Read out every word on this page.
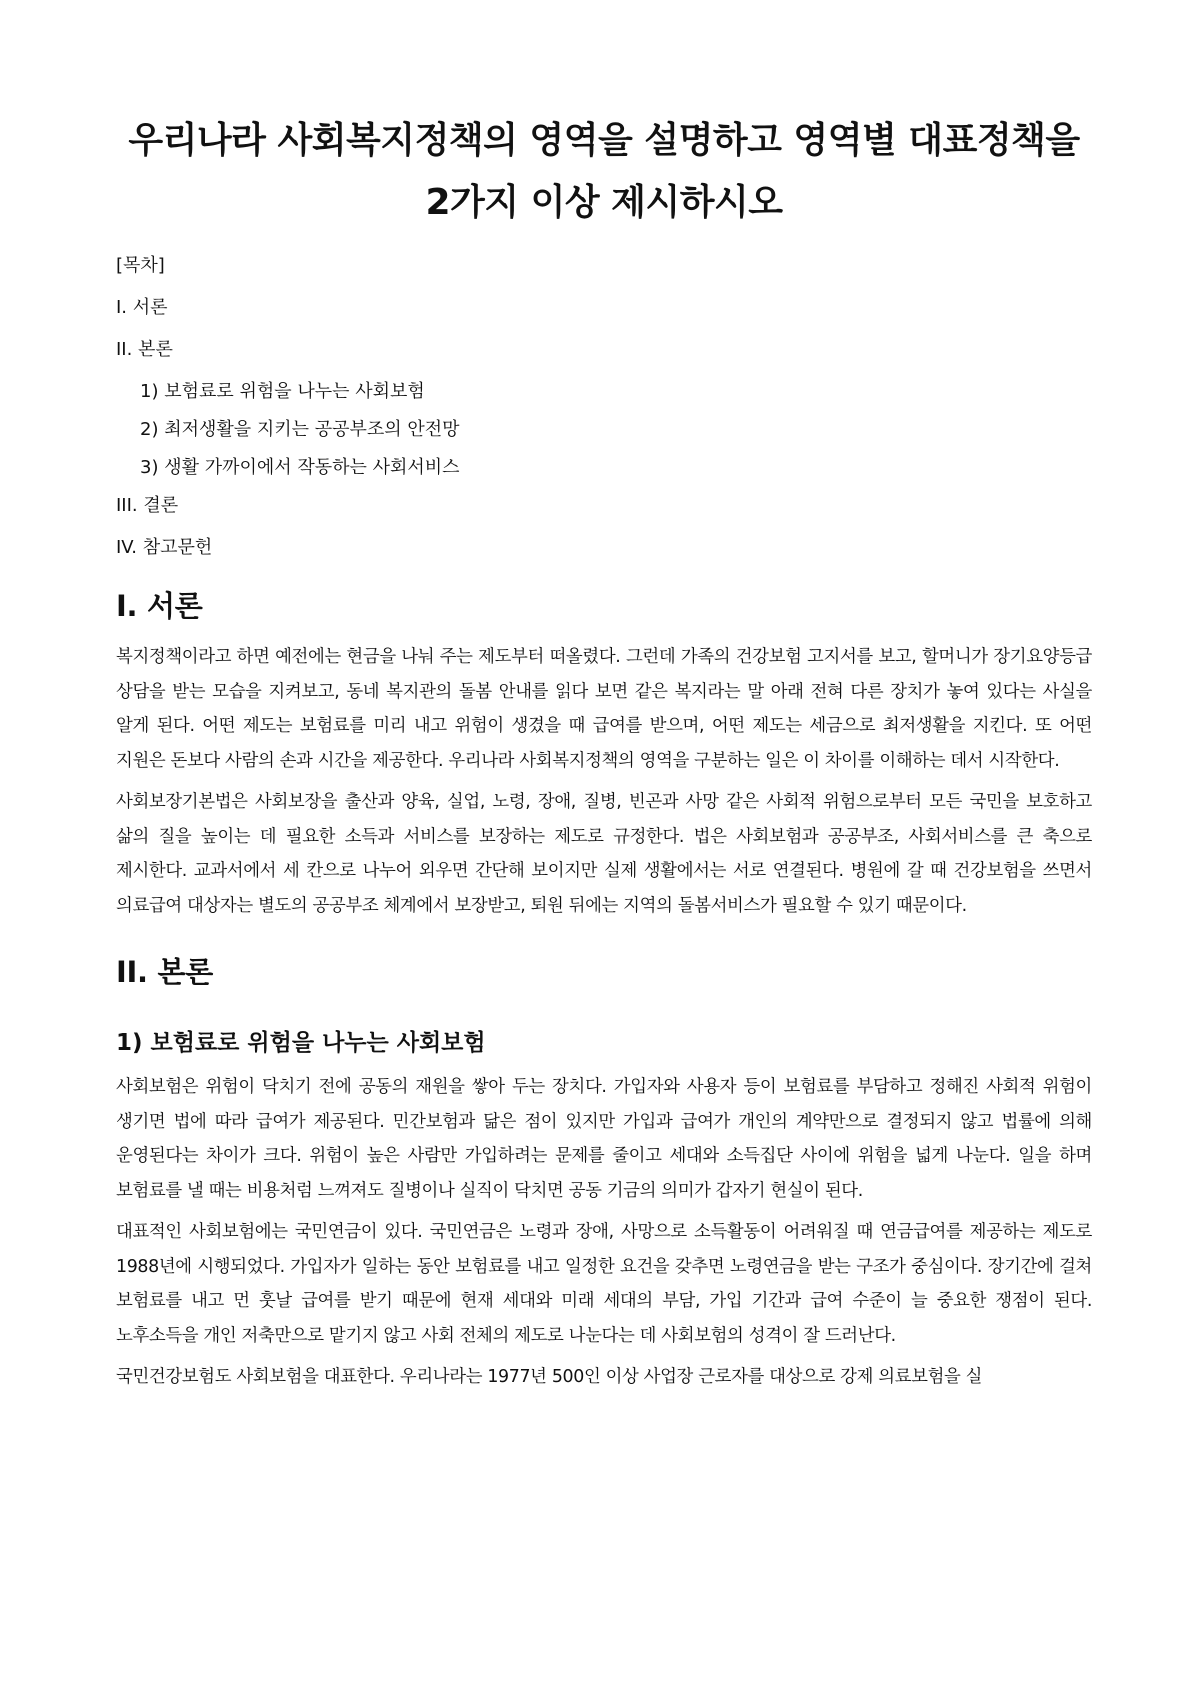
우리나라 사회복지정책의 영역을 설명하고 영역별 대표정책을 2가지 이상 제시하시오
[목차]
I. 서론
II. 본론
1) 보험료로 위험을 나누는 사회보험
2) 최저생활을 지키는 공공부조의 안전망
3) 생활 가까이에서 작동하는 사회서비스
III. 결론
IV. 참고문헌
I. 서론

복지정책이라고 하면 예전에는 현금을 나눠 주는 제도부터 떠올렸다. 그런데 가족의 건강보험 고지서를 보고, 할머니가 장기요양등급 상담을 받는 모습을 지켜보고, 동네 복지관의 돌봄 안내를 읽다 보면 같은 복지라는 말 아래 전혀 다른 장치가 놓여 있다는 사실을 알게 된다. 어떤 제도는 보험료를 미리 내고 위험이 생겼을 때 급여를 받으며, 어떤 제도는 세금으로 최저생활을 지킨다. 또 어떤 지원은 돈보다 사람의 손과 시간을 제공한다. 우리나라 사회복지정책의 영역을 구분하는 일은 이 차이를 이해하는 데서 시작한다.

사회보장기본법은 사회보장을 출산과 양육, 실업, 노령, 장애, 질병, 빈곤과 사망 같은 사회적 위험으로부터 모든 국민을 보호하고 삶의 질을 높이는 데 필요한 소득과 서비스를 보장하는 제도로 규정한다. 법은 사회보험과 공공부조, 사회서비스를 큰 축으로 제시한다. 교과서에서 세 칸으로 나누어 외우면 간단해 보이지만 실제 생활에서는 서로 연결된다. 병원에 갈 때 건강보험을 쓰면서 의료급여 대상자는 별도의 공공부조 체계에서 보장받고, 퇴원 뒤에는 지역의 돌봄서비스가 필요할 수 있기 때문이다.

II. 본론
1) 보험료로 위험을 나누는 사회보험

사회보험은 위험이 닥치기 전에 공동의 재원을 쌓아 두는 장치다. 가입자와 사용자 등이 보험료를 부담하고 정해진 사회적 위험이 생기면 법에 따라 급여가 제공된다. 민간보험과 닮은 점이 있지만 가입과 급여가 개인의 계약만으로 결정되지 않고 법률에 의해 운영된다는 차이가 크다. 위험이 높은 사람만 가입하려는 문제를 줄이고 세대와 소득집단 사이에 위험을 넓게 나눈다. 일을 하며 보험료를 낼 때는 비용처럼 느껴져도 질병이나 실직이 닥치면 공동 기금의 의미가 갑자기 현실이 된다.

대표적인 사회보험에는 국민연금이 있다. 국민연금은 노령과 장애, 사망으로 소득활동이 어려워질 때 연금급여를 제공하는 제도로 1988년에 시행되었다. 가입자가 일하는 동안 보험료를 내고 일정한 요건을 갖추면 노령연금을 받는 구조가 중심이다. 장기간에 걸쳐 보험료를 내고 먼 훗날 급여를 받기 때문에 현재 세대와 미래 세대의 부담, 가입 기간과 급여 수준이 늘 중요한 쟁점이 된다. 노후소득을 개인 저축만으로 맡기지 않고 사회 전체의 제도로 나눈다는 데 사회보험의 성격이 잘 드러난다.

국민건강보험도 사회보험을 대표한다. 우리나라는 1977년 500인 이상 사업장 근로자를 대상으로 강제 의료보험을 실
